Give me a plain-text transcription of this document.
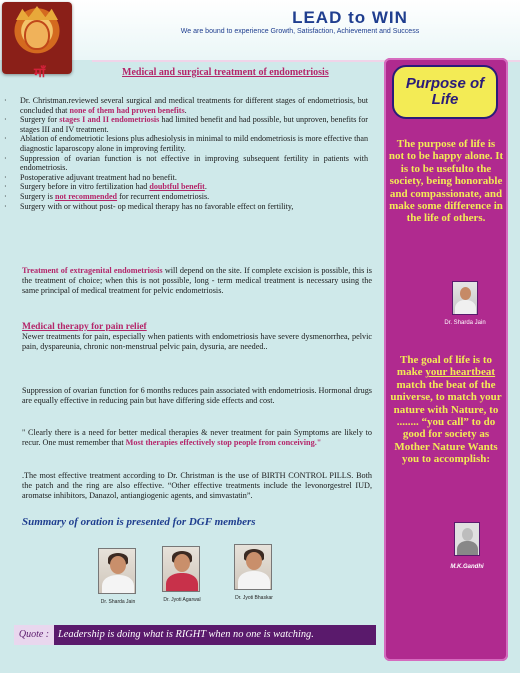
माँ
LEAD to WIN
We are bound to experience Growth, Satisfaction, Achievement and Success
Medical and surgical treatment of endometriosis
· Dr. Christman.reviewed several surgical and medical treatments for different stages of endometriosis, but concluded that none of them had proven benefits.
· Surgery for stages I and II endometriosis had limited benefit and had possible, but unproven, benefits for stages III and IV treatment.
· Ablation of endometriotic lesions plus adhesiolysis in minimal to mild endometriosis is more effective than diagnostic laparoscopy alone in improving fertility.
· Suppression of ovarian function is not effective in improving subsequent fertility in patients with endometriosis.
· Postoperative adjuvant treatment had no benefit.
· Surgery before in vitro fertilization had doubtful benefit.
· Surgery is not recommended for recurrent endometriosis.
· Surgery with or without post- op medical therapy has no favorable effect on fertility,
Treatment of extragenital endometriosis will depend on the site. If complete excision is possible, this is the treatment of choice; when this is not possible, long - term medical treatment is necessary using the same principal of medical treatment for pelvic endometriosis.
Medical therapy for pain relief
Newer treatments for pain, especially when patients with endometriosis have severe dysmenorrhea, pelvic pain, dyspareunia, chronic non-menstrual pelvic pain, dysuria, are needed..
Suppression of ovarian function for 6 months reduces pain associated with endometriosis. Hormonal drugs are equally effective in reducing pain but have differing side effects and cost.
" Clearly there is a need for better medical therapies & never treatment for pain Symptoms are likely to recur. One must remember that Most therapies effectively stop people from conceiving."
.The most effective treatment according to Dr. Christman is the use of BIRTH CONTROL PILLS. Both the patch and the ring are also effective. “Other effective treatments include the levonorgestrel IUD, aromatse inhibitors, Danazol, antiangiogenic agents, and simvastatin”.
Summary of oration is presented for DGF members
Dr. Sharda Jain	Dr. Jyoti Agarwal	Dr. Jyoti Bhaskar
Quote : Leadership is doing what is RIGHT when no one is watching.
Purpose of Life
The purpose of life is not to be happy alone. It is to be usefulto the society, being honorable and compassionate, and make some difference in the life of others.
Dr. Sharda Jain
The goal of life is to make your heartbeat match the beat of the universe, to match your nature with Nature, to ........ “you call” to do good for society as Mother Nature Wants you to accomplish:
M.K.Gandhi
